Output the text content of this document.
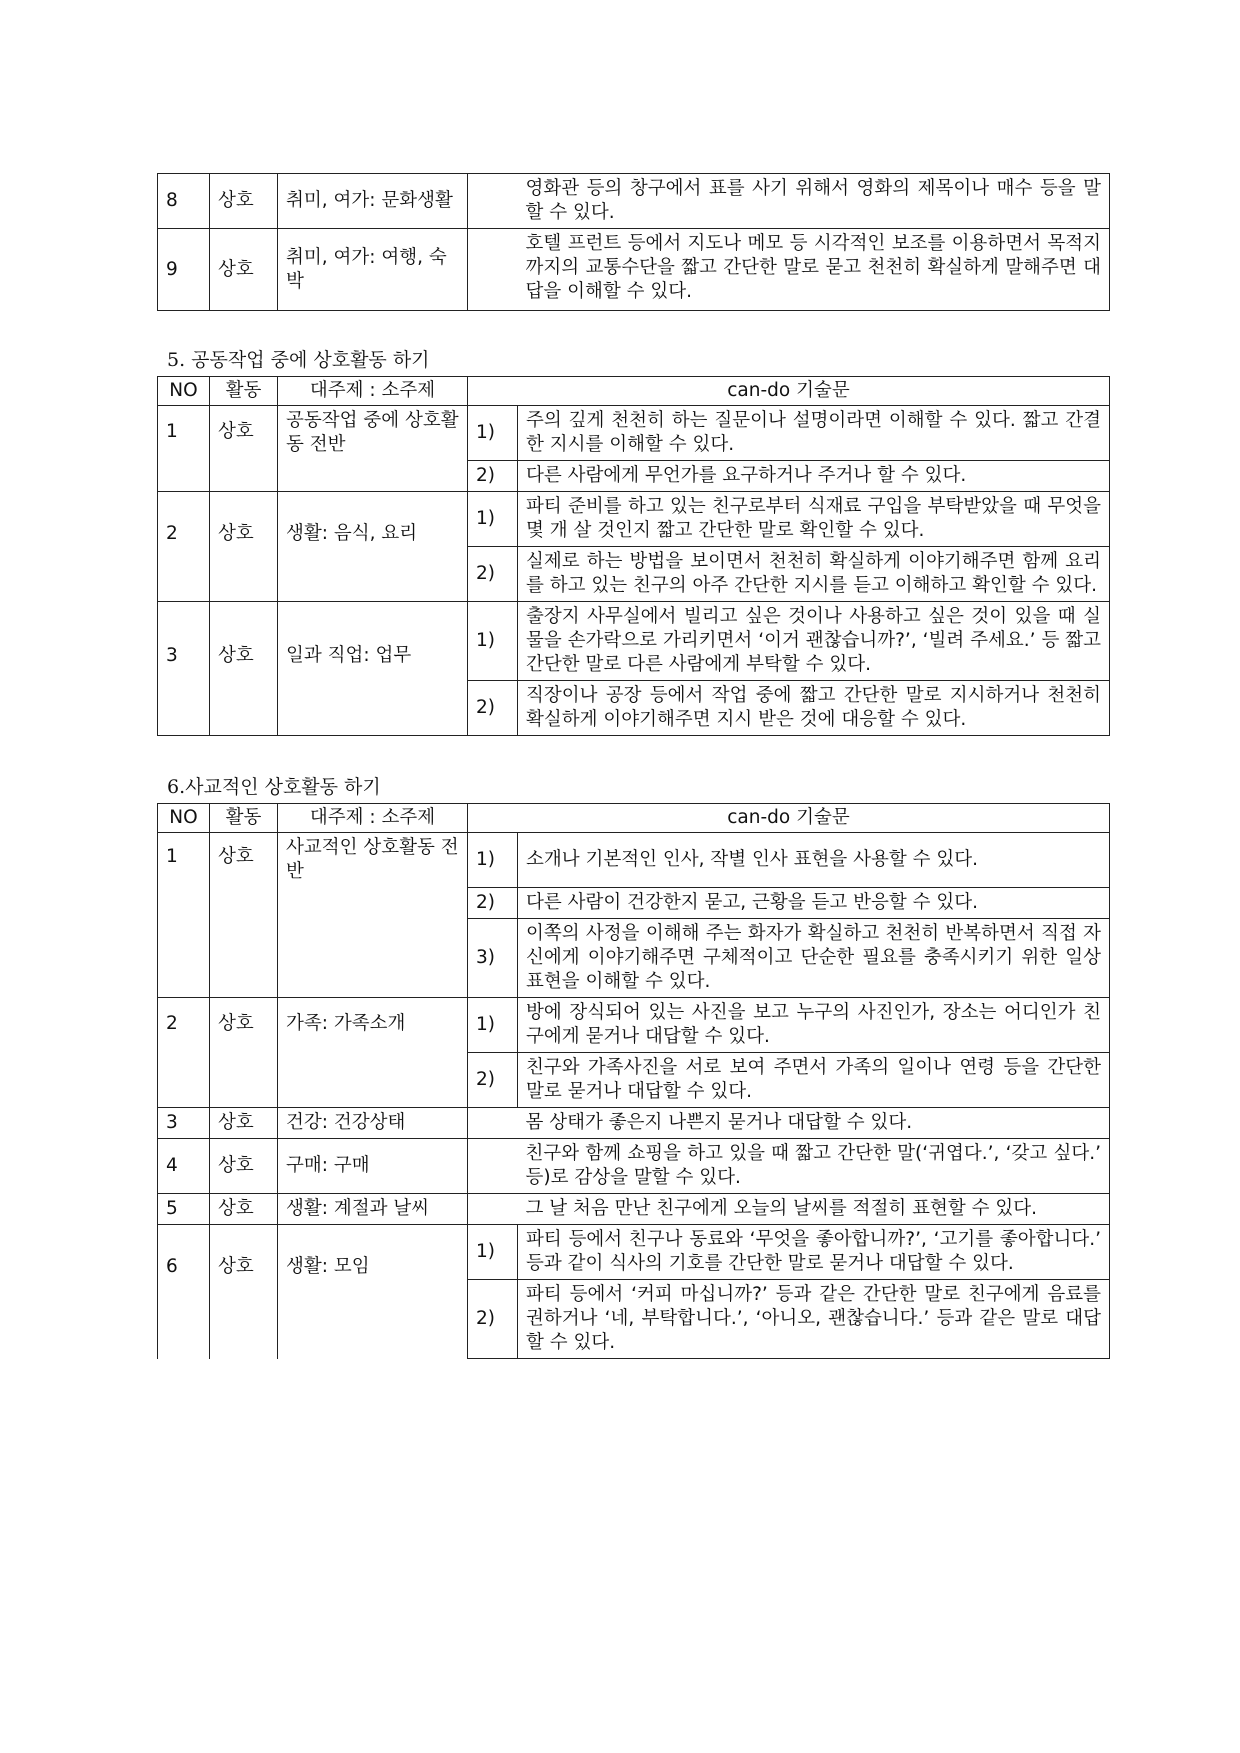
8	상호	취미, 여가: 문화생활		영화관 등의 창구에서 표를 사기 위해서 영화의 제목이나 매수 등을 말할 수 있다.
9	상호	취미, 여가: 여행, 숙박		호텔 프런트 등에서 지도나 메모 등 시각적인 보조를 이용하면서 목적지까지의 교통수단을 짧고 간단한 말로 묻고 천천히 확실하게 말해주면 대답을 이해할 수 있다.
5. 공동작업 중에 상호활동 하기
NO	활동	대주제 : 소주제	can-do 기술문	
1	상호	공동작업 중에 상호활동 전반	1)	주의 깊게 천천히 하는 질문이나 설명이라면 이해할 수 있다. 짧고 간결한 지시를 이해할 수 있다.
			2)	다른 사람에게 무언가를 요구하거나 주거나 할 수 있다.
2	상호	생활: 음식, 요리	1)	파티 준비를 하고 있는 친구로부터 식재료 구입을 부탁받았을 때 무엇을 몇 개 살 것인지 짧고 간단한 말로 확인할 수 있다.
			2)	실제로 하는 방법을 보이면서 천천히 확실하게 이야기해주면 함께 요리를 하고 있는 친구의 아주 간단한 지시를 듣고 이해하고 확인할 수 있다.
3	상호	일과 직업: 업무	1)	출장지 사무실에서 빌리고 싶은 것이나 사용하고 싶은 것이 있을 때 실물을 손가락으로 가리키면서 ‘이거 괜찮습니까?’, ‘빌려 주세요.’ 등 짧고 간단한 말로 다른 사람에게 부탁할 수 있다.
			2)	직장이나 공장 등에서 작업 중에 짧고 간단한 말로 지시하거나 천천히 확실하게 이야기해주면 지시 받은 것에 대응할 수 있다.
6.사교적인 상호활동 하기
NO	활동	대주제 : 소주제	can-do 기술문	
1	상호	사교적인 상호활동 전반	1)	소개나 기본적인 인사, 작별 인사 표현을 사용할 수 있다.
			2)	다른 사람이 건강한지 묻고, 근황을 듣고 반응할 수 있다.
			3)	이쪽의 사정을 이해해 주는 화자가 확실하고 천천히 반복하면서 직접 자신에게 이야기해주면 구체적이고 단순한 필요를 충족시키기 위한 일상 표현을 이해할 수 있다.
2	상호	가족: 가족소개	1)	방에 장식되어 있는 사진을 보고 누구의 사진인가, 장소는 어디인가 친구에게 묻거나 대답할 수 있다.
			2)	친구와 가족사진을 서로 보여 주면서 가족의 일이나 연령 등을 간단한 말로 묻거나 대답할 수 있다.
3	상호	건강: 건강상태		몸 상태가 좋은지 나쁜지 묻거나 대답할 수 있다.
4	상호	구매: 구매		친구와 함께 쇼핑을 하고 있을 때 짧고 간단한 말(‘귀엽다.’, ‘갖고 싶다.’ 등)로 감상을 말할 수 있다.
5	상호	생활: 계절과 날씨		그 날 처음 만난 친구에게 오늘의 날씨를 적절히 표현할 수 있다.
6	상호	생활: 모임	1)	파티 등에서 친구나 동료와 ‘무엇을 좋아합니까?’, ‘고기를 좋아합니다.’ 등과 같이 식사의 기호를 간단한 말로 묻거나 대답할 수 있다.
			2)	파티 등에서 ‘커피 마십니까?’ 등과 같은 간단한 말로 친구에게 음료를 권하거나 ‘네, 부탁합니다.’, ‘아니오, 괜찮습니다.’ 등과 같은 말로 대답할 수 있다.
